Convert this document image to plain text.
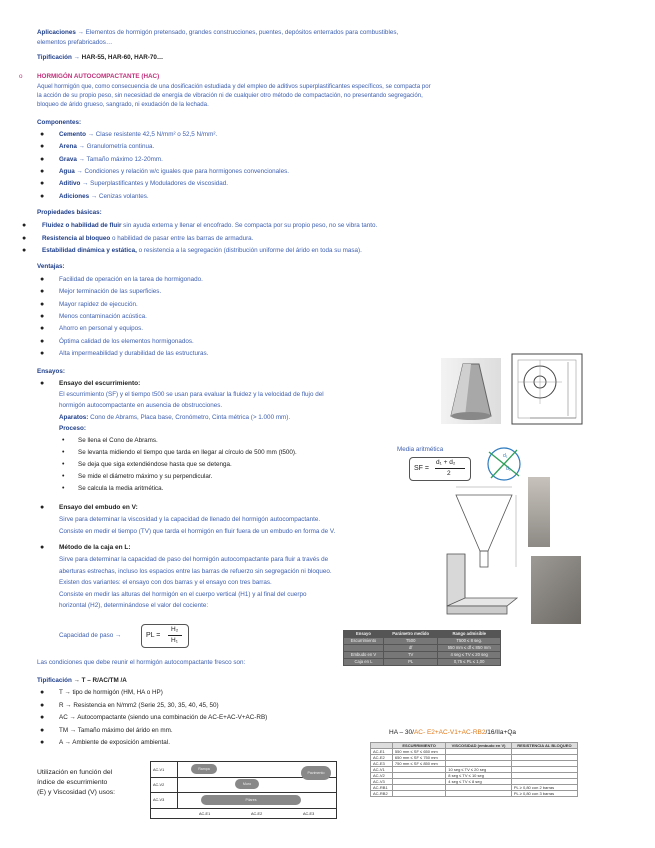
Aplicaciones → Elementos de hormigón pretensado, grandes construcciones, puentes, depósitos enterrados para combustibles,
elementos prefabricados…
Tipificación → HAR-55, HAR-60, HAR-70…
o HORMIGÓN AUTOCOMPACTANTE (HAC)
Aquel hormigón que, como consecuencia de una dosificación estudiada y del empleo de aditivos superplastificantes específicos, se compacta por
la acción de su propio peso, sin necesidad de energía de vibración ni de cualquier otro método de compactación, no presentando segregación,
bloqueo de árido grueso, sangrado, ni exudación de la lechada.
Componentes:
Propiedades básicas:
Ventajas:
Ensayos:
● Ensayo del escurrimiento:
El escurrimiento (SF) y el tiempo t500 se usan para evaluar la fluidez y la velocidad de flujo del
hormigón autocompactante en ausencia de obstrucciones.
Aparatos: Cono de Abrams, Placa base, Cronómetro, Cinta métrica (> 1.000 mm).
Proceso:
Media aritmética
SF =
d₁ + d₂
2
d₁
d₂
● Ensayo del embudo en V:
Sirve para determinar la viscosidad y la capacidad de llenado del hormigón autocompactante.
Consiste en medir el tiempo (TV) que tarda el hormigón en fluir fuera de un embudo en forma de V.
● Método de la caja en L:
Capacidad de paso →	PL =
H₂
H₁
Ensayo	Parámetro medido	Rango admisible
Escurrimiento	T500	T500 ≤ 8 seg.
	df	550 mm ≤ df ≤ 850 mm
Embudo en V	TV	4 seg ≤ TV ≤ 20 seg
Caja en L	PL	0,75 ≤ PL ≤ 1,00
Las condiciones que debe reunir el hormigón autocompactante fresco son:
Tipificación → T – R/AC/TM /A
HA – 30/AC- E2+AC-V1+AC-RB2/16/IIa+Qa
Utilización en función del
índice de escurrimiento
(E) y Viscosidad (V) usos:
AC-V1
AC-V2
AC-V3
AC-E1	AC-E2	AC-E3
Rampa
Muro
Pavimento
Pilares
	ESCURRIMIENTO	VISCOSIDAD (embudo en V)	RESISTENCIA AL BLOQUEO
AC-E1	550 mm ≤ SF ≤ 650 mm		
AC-E2	650 mm ≤ SF ≤ 750 mm		
AC-E3	750 mm ≤ SF ≤ 850 mm		
AC-V1		10 seg ≤ TV ≤ 20 seg	
AC-V2		8 seg ≤ TV ≤ 10 seg	
AC-V3		4 seg ≤ TV ≤ 8 seg	
AC-RB1			PL ≥ 0,80 con 2 barras
AC-RB2			PL ≥ 0,80 con 3 barras
● Cemento → Clase resistente 42,5 N/mm² o 52,5 N/mm².
● Arena → Granulometría continua.
● Grava → Tamaño máximo 12-20mm.
● Agua → Condiciones y relación w/c iguales que para hormigones convencionales.
● Aditivo → Superplastificantes y Moduladores de viscosidad.
● Adiciones → Cenizas volantes.
●	Fluidez o habilidad de fluir sin ayuda externa y llenar el encofrado. Se compacta por su propio peso, no se vibra tanto.
●	Resistencia al bloqueo o habilidad de pasar entre las barras de armadura.
●	Estabilidad dinámica y estática, o resistencia a la segregación (distribución uniforme del árido en toda su masa).
● Facilidad de operación en la tarea de hormigonado.
● Mejor terminación de las superficies.
● Mayor rapidez de ejecución.
● Menos contaminación acústica.
● Ahorro en personal y equipos.
● Óptima calidad de los elementos hormigonados.
● Alta impermeabilidad y durabilidad de las estructuras.
• Se llena el Cono de Abrams.
• Se levanta midiendo el tiempo que tarda en llegar al círculo de 500 mm (t500).
• Se deja que siga extendiéndose hasta que se detenga.
• Se mide el diámetro máximo y su perpendicular.
• Se calcula la media aritmética.
Sirve para determinar la capacidad de paso del hormigón autocompactante para fluir a través de
aberturas estrechas, incluso los espacios entre las barras de refuerzo sin segregación ni bloqueo.
Existen dos variantes: el ensayo con dos barras y el ensayo con tres barras.
Consiste en medir las alturas del hormigón en el cuerpo vertical (H1) y al final del cuerpo
horizontal (H2), determinándose el valor del cociente:
● T → tipo de hormigón (HM, HA o HP)
● R → Resistencia en N/mm2 (Serie 25, 30, 35, 40, 45, 50)
● AC → Autocompactante (siendo una combinación de AC-E+AC-V+AC-RB)
● TM → Tamaño máximo del árido en mm.
● A → Ambiente de exposición ambiental.
